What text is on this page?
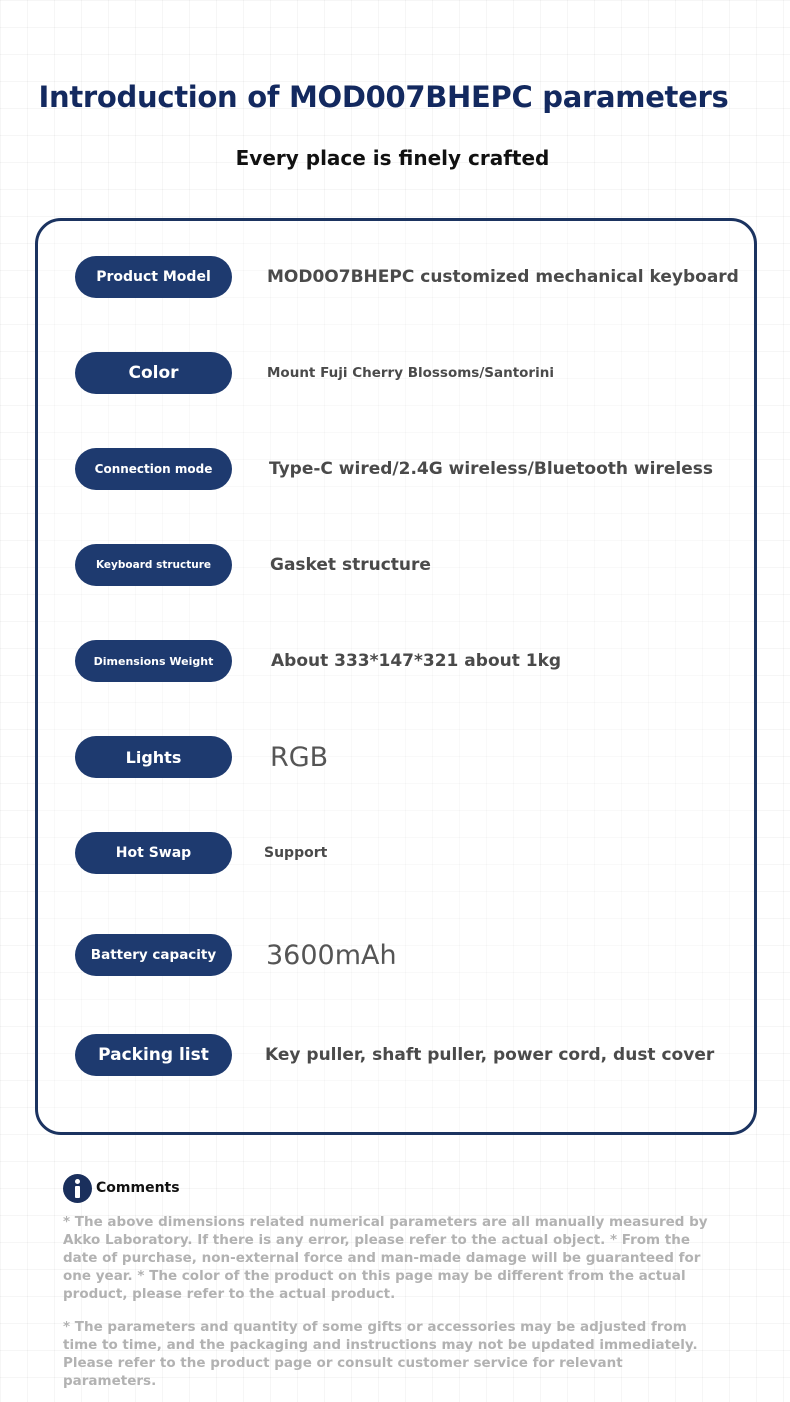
Introduction of MOD007BHEPC parameters
Every place is finely crafted
Product Model	MOD0O7BHEPC customized mechanical keyboard
Color	Mount Fuji Cherry Blossoms/Santorini
Connection mode	Type-C wired/2.4G wireless/Bluetooth wireless
Keyboard structure	Gasket structure
Dimensions Weight	About 333*147*321 about 1kg
Lights	RGB
Hot Swap	Support
Battery capacity	3600mAh
Packing list	Key puller, shaft puller, power cord, dust cover
Comments

* The above dimensions related numerical parameters are all manually measured by Akko Laboratory. If there is any error, please refer to the actual object. * From the date of purchase, non-external force and man-made damage will be guaranteed for one year. * The color of the product on this page may be different from the actual product, please refer to the actual product.

* The parameters and quantity of some gifts or accessories may be adjusted from time to time, and the packaging and instructions may not be updated immediately. Please refer to the product page or consult customer service for relevant parameters.
